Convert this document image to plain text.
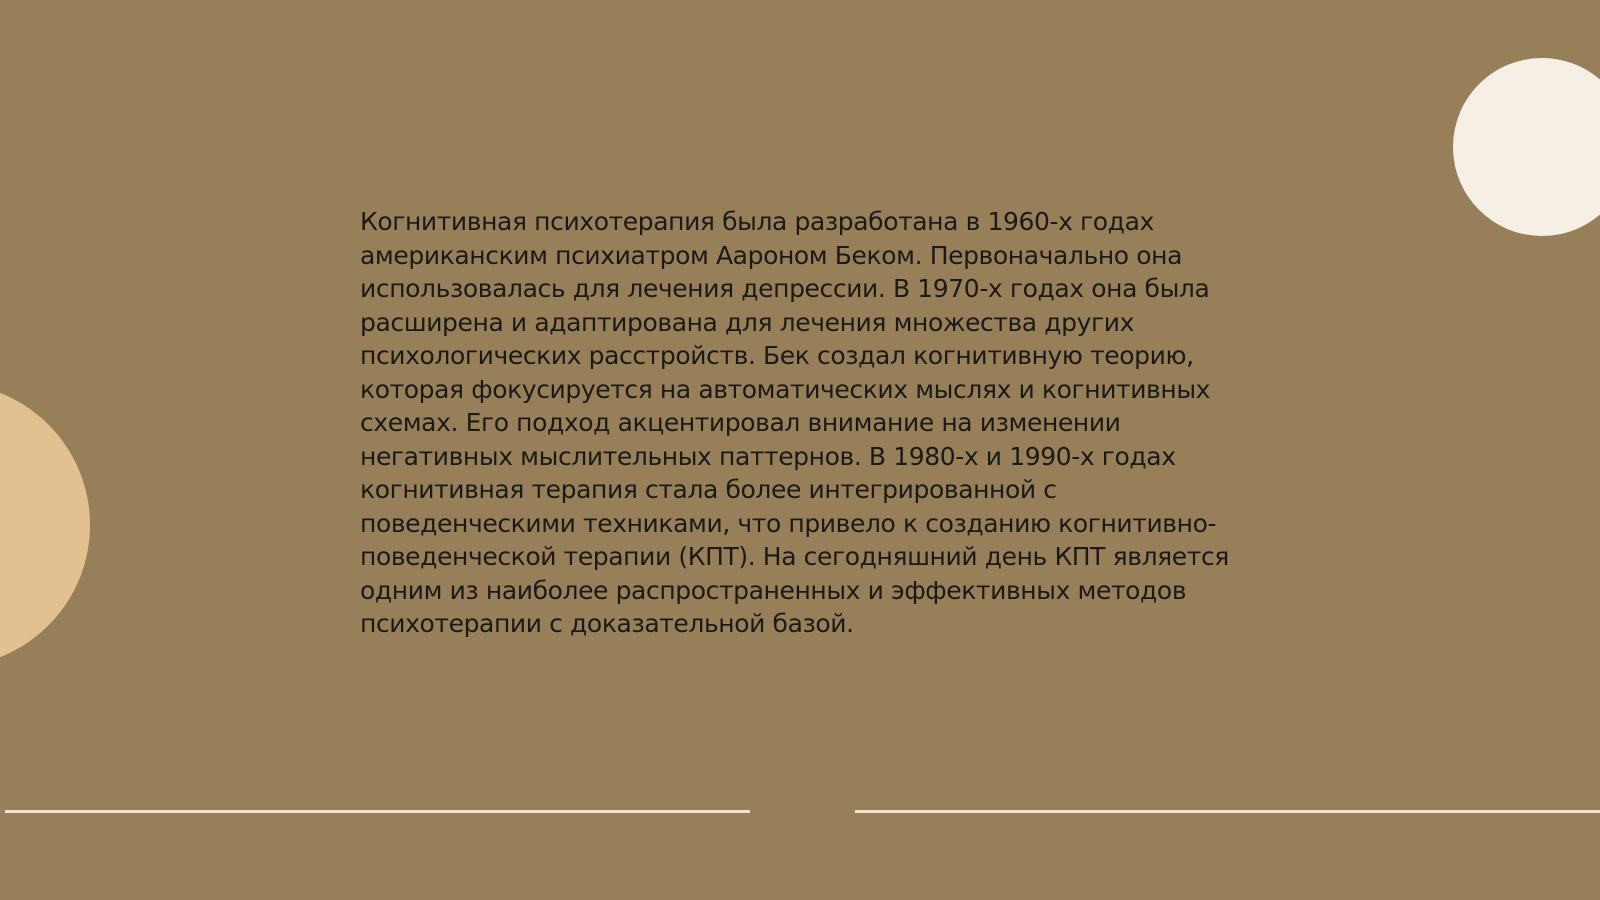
Когнитивная психотерапия была разработана в 1960-х годах американским психиатром Аароном Беком. Первоначально она использовалась для лечения депрессии. В 1970-х годах она была расширена и адаптирована для лечения множества других психологических расстройств. Бек создал когнитивную теорию, которая фокусируется на автоматических мыслях и когнитивных схемах. Его подход акцентировал внимание на изменении негативных мыслительных паттернов. В 1980-х и 1990-х годах когнитивная терапия стала более интегрированной с поведенческими техниками, что привело к созданию когнитивно-поведенческой терапии (КПТ). На сегодняшний день КПТ является одним из наиболее распространенных и эффективных методов психотерапии с доказательной базой.
